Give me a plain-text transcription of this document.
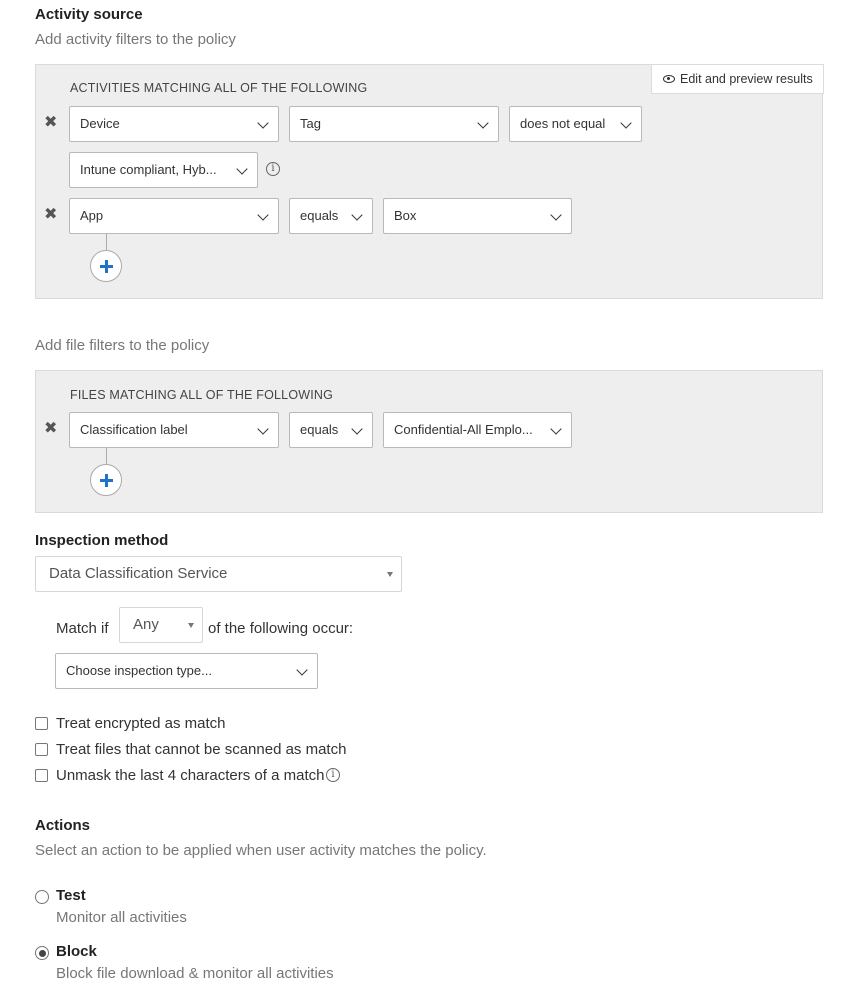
Activity source
Add activity filters to the policy
Edit and preview results
ACTIVITIES MATCHING ALL OF THE FOLLOWING
✖	Device	Tag	does not equal
Intune compliant, Hyb...	i
✖	App	equals	Box
Add file filters to the policy
FILES MATCHING ALL OF THE FOLLOWING
✖	Classification label	equals	Confidential-All Emplo...
Inspection method
Data Classification Service
Match if	Any	of the following occur:
Choose inspection type...
Treat encrypted as match
Treat files that cannot be scanned as match
Unmask the last 4 characters of a match i
Actions
Select an action to be applied when user activity matches the policy.
Test
Monitor all activities
Block
Block file download & monitor all activities
